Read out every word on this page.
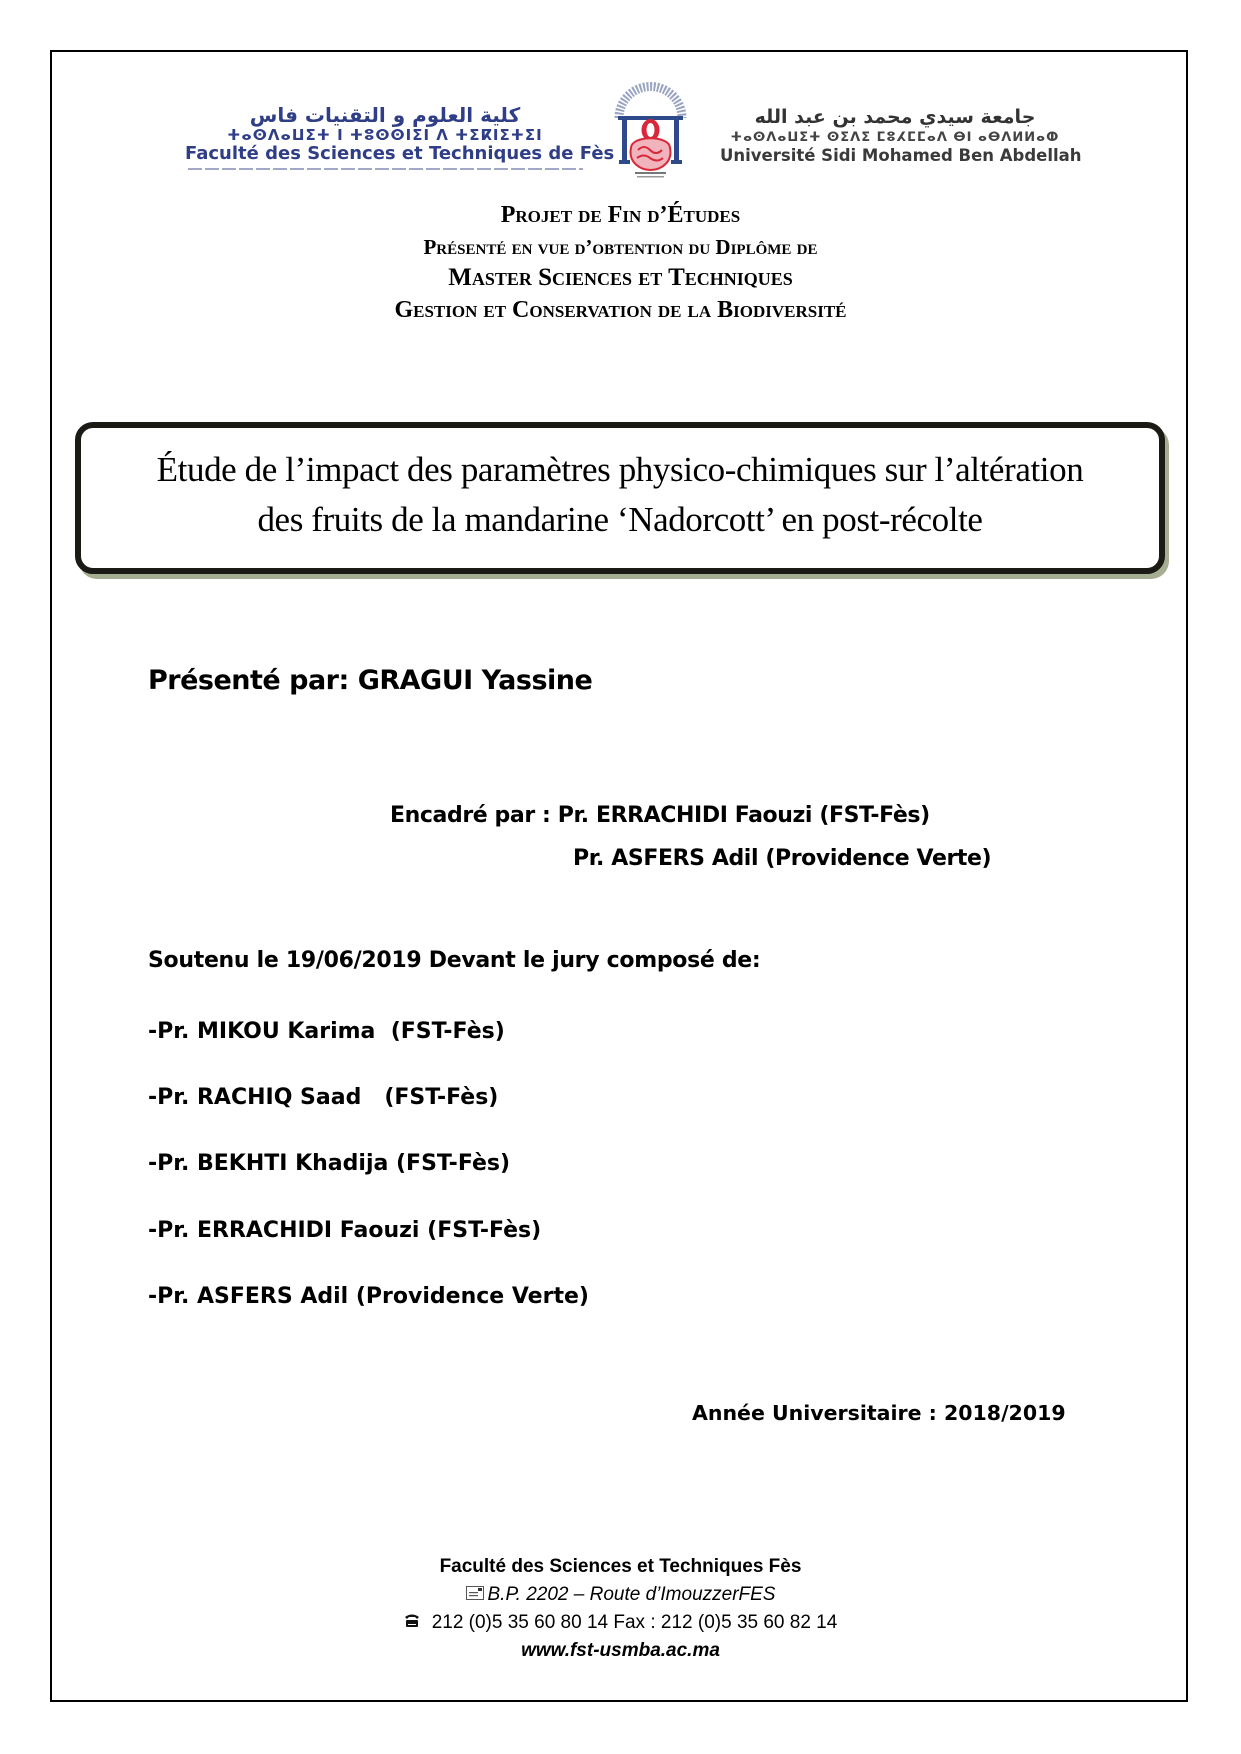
كلية العلوم و التقنيات فاس
ⵜⴰⵙⴷⴰⵡⵉⵜ ⵏ ⵜⵓⵙⵙⵏⵉⵏ ⴷ ⵜⵉⴽⵏⵉⵜⵉⵏ
Faculté des Sciences et Techniques de Fès
جامعة سيدي محمد بن عبد الله
ⵜⴰⵙⴷⴰⵡⵉⵜ ⵙⵉⴷⵉ ⵎⵓⵃⵎⵎⴰⴷ ⴱⵏ ⴰⴱⴷⵍⵍⴰⵀ
Université Sidi Mohamed Ben Abdellah
Projet de Fin d’Études
Présenté en vue d’obtention du Diplôme de
Master Sciences et Techniques
Gestion et Conservation de la Biodiversité
Étude de l’impact des paramètres physico-chimiques sur l’altération
des fruits de la mandarine ‘Nadorcott’ en post-récolte
Présenté par: GRAGUI Yassine
Encadré par : Pr. ERRACHIDI Faouzi (FST-Fès)
Pr. ASFERS Adil (Providence Verte)
Soutenu le 19/06/2019 Devant le jury composé de:
-Pr. MIKOU Karima  (FST-Fès)
-Pr. RACHIQ Saad   (FST-Fès)
-Pr. BEKHTI Khadija (FST-Fès)
-Pr. ERRACHIDI Faouzi (FST-Fès)
-Pr. ASFERS Adil (Providence Verte)
Année Universitaire : 2018/2019
Faculté des Sciences et Techniques Fès
B.P. 2202 – Route d’ImouzzerFES
212 (0)5 35 60 80 14 Fax : 212 (0)5 35 60 82 14
www.fst-usmba.ac.ma
